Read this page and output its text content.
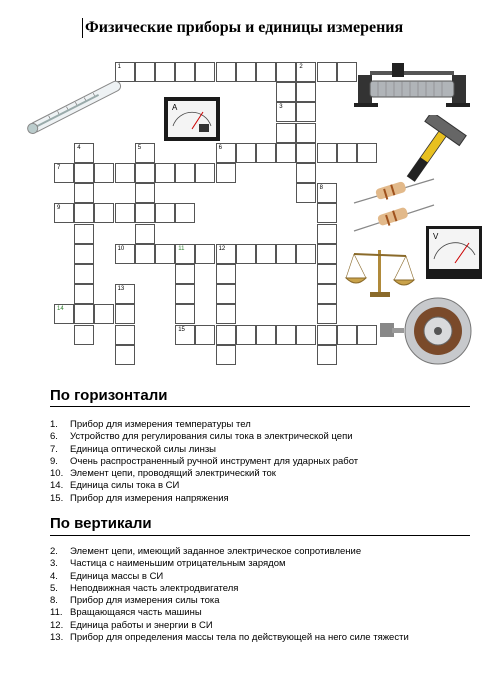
Физические приборы и единицы измерения
1	2
3
4	5	6
7
8
9
10	11	12
13
14
15
A
V
По горизонтали
1. Прибор для измерения температуры тел
6. Устройство для регулирования силы тока в электрической цепи
7. Единица оптической силы линзы
9. Очень распространенный ручной инструмент для ударных работ
10. Элемент цепи, проводящий электрический ток
14. Единица силы тока в СИ
15. Прибор для измерения напряжения
По вертикали
2. Элемент цепи, имеющий заданное электрическое сопротивление
3. Частица с наименьшим отрицательным зарядом
4. Единица массы в СИ
5. Неподвижная часть электродвигателя
8. Прибор для измерения силы тока
11. Вращающаяся часть машины
12. Единица работы и энергии в СИ
13. Прибор для определения массы тела по действующей на него силе тяжести
